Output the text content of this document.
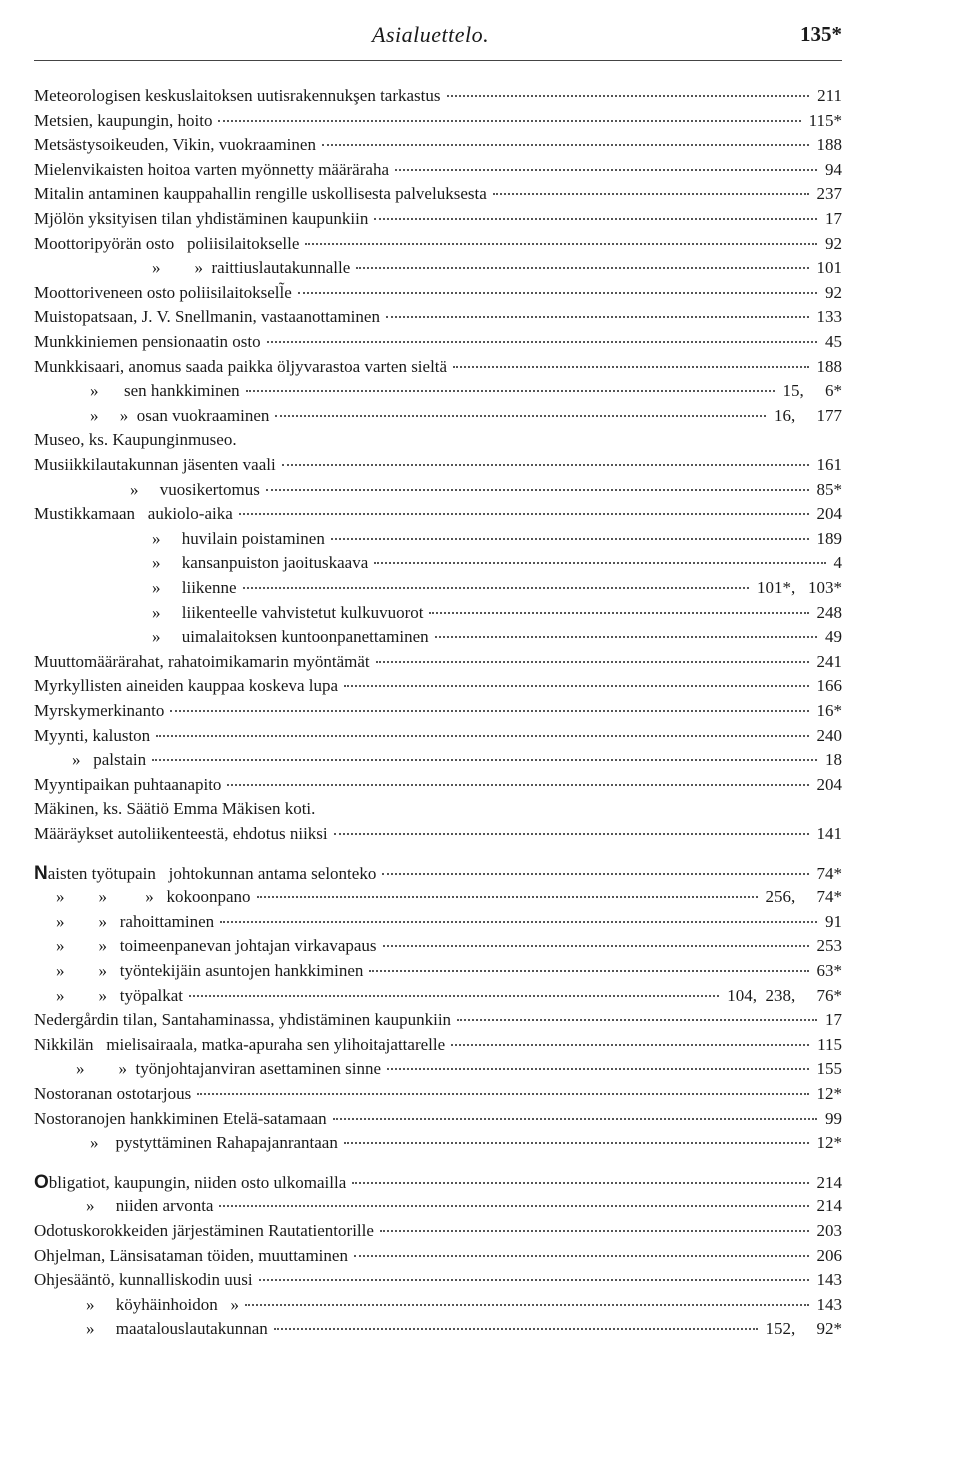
Asialuettelo.	135*
Meteorologisen keskuslaitoksen uutisrakennukşen tarkastus	211
Metsien, kaupungin, hoito	115*
Metsästysoikeuden, Vikin, vuokraaminen	188
Mielenvikaisten hoitoa varten myönnetty määräraha	94
Mitalin antaminen kauppahallin rengille uskollisesta palveluksesta	237
Mjölön yksityisen tilan yhdistäminen kaupunkiin	17
Moottoripyörän osto   poliisilaitokselle	92
»        »  raittiuslautakunnalle	101
Moottoriveneen osto poliisilaitoksell̃e	92
Muistopatsaan, J. V. Snellmanin, vastaanottaminen	133
Munkkiniemen pensionaatin osto	45
Munkkisaari, anomus saada paikka öljyvarastoa varten sieltä	188
»      sen hankkiminen	15,     6*
»     »  osan vuokraaminen	16,     177
Museo, ks. Kaupunginmuseo.
Musiikkilautakunnan jäsenten vaali	161
»     vuosikertomus	85*
Mustikkamaan   aukiolo-aika	204
»     huvilain poistaminen	189
»     kansanpuiston jaoituskaava	4
»     liikenne	101*,   103*
»     liikenteelle vahvistetut kulkuvuorot	248
»     uimalaitoksen kuntoonpanettaminen	49
Muuttomäärärahat, rahatoimikamarin myöntämät	241
Myrkyllisten aineiden kauppaa koskeva lupa	166
Myrskymerkinanto	16*
Myynti, kaluston	240
»   palstain	18
Myyntipaikan puhtaanapito	204
Mäkinen, ks. Säätiö Emma Mäkisen koti.
Määräykset autoliikenteestä, ehdotus niiksi	141
Naisten työtupain   johtokunnan antama selonteko	74*
»        »         »   kokoonpano	256,     74*
»        »   rahoittaminen	91
»        »   toimeenpanevan johtajan virkavapaus	253
»        »   työntekijäin asuntojen hankkiminen	63*
»        »   työpalkat	104,  238,     76*
Nedergårdin tilan, Santahaminassa, yhdistäminen kaupunkiin	17
Nikkilän   mielisairaala, matka-apuraha sen ylihoitajattarelle	115
»        »  työnjohtajanviran asettaminen sinne	155
Nostoranan ostotarjous	12*
Nostoranojen hankkiminen Etelä-satamaan	99
»    pystyttäminen Rahapajanrantaan	12*
Obligatiot, kaupungin, niiden osto ulkomailla	214
»     niiden arvonta	214
Odotuskorokkeiden järjestäminen Rautatientorille	203
Ohjelman, Länsisataman töiden, muuttaminen	206
Ohjesääntö, kunnalliskodin uusi	143
»     köyhäinhoidon   »	143
»     maatalouslautakunnan	152,     92*
